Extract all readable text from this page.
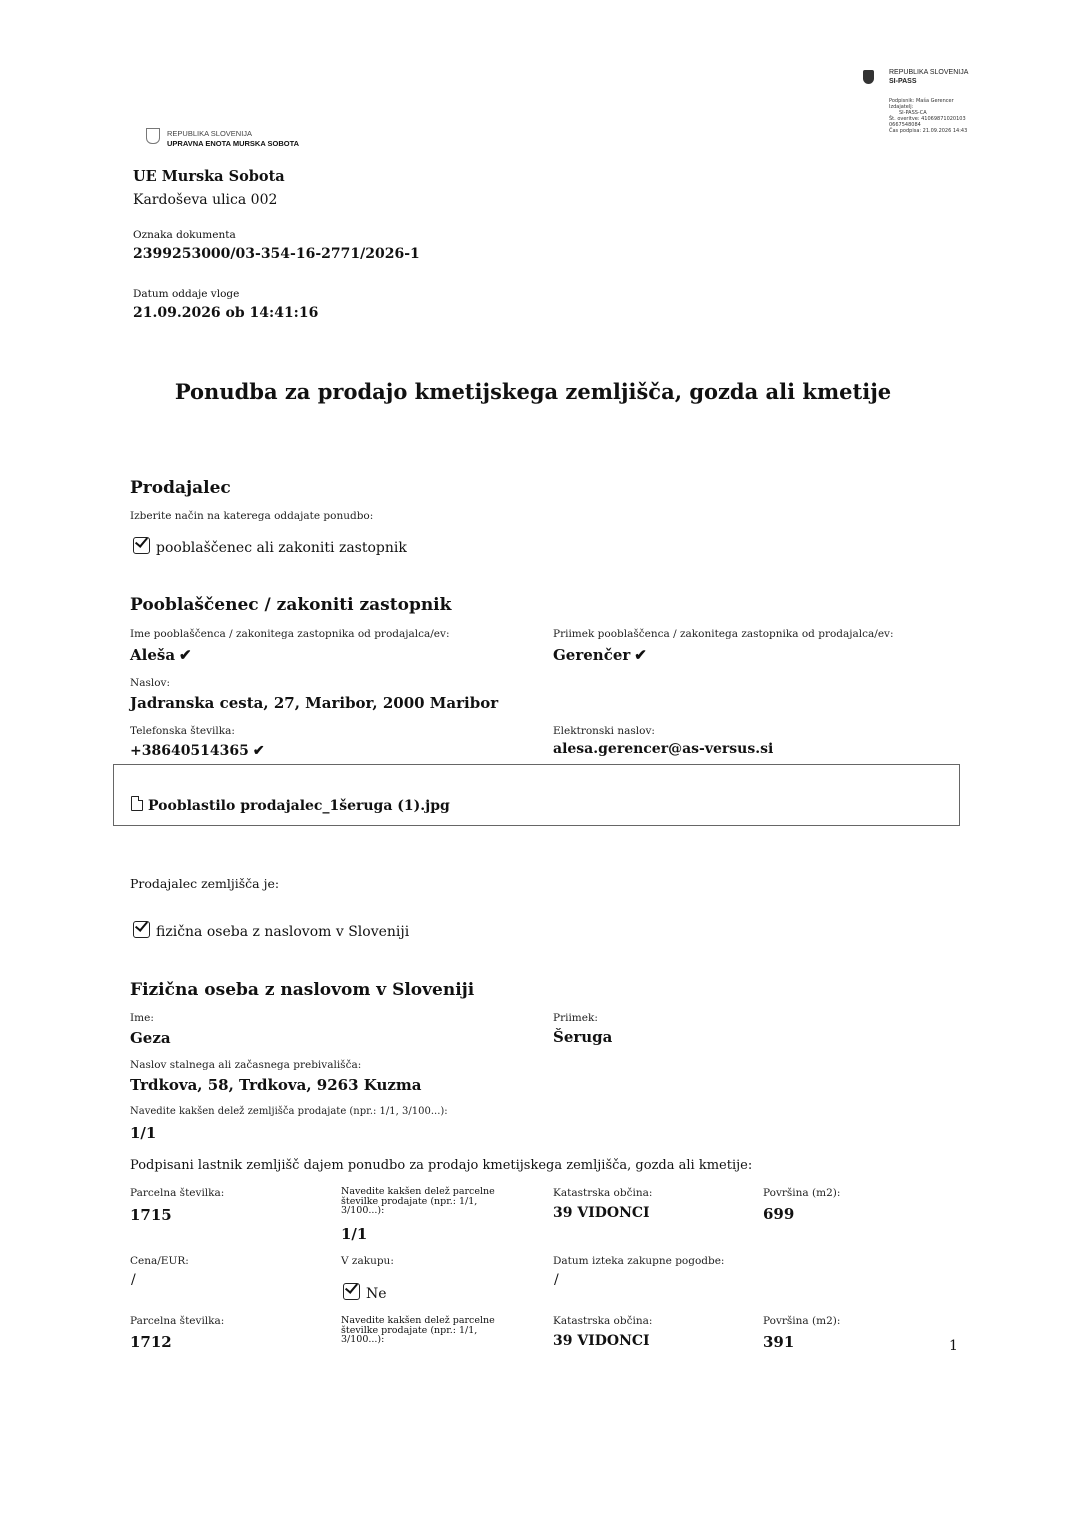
REPUBLIKA SLOVENIJA
SI-PASS
Podpisnik: Maša Gerencer
Izdajatelj:
SI-PASS-CA
Št. overitve: 41069871020103 0667548084
Čas podpisa: 21.09.2026 14:43
REPUBLIKA SLOVENIJA
UPRAVNA ENOTA MURSKA SOBOTA
UE Murska Sobota
Kardoševa ulica 002
Oznaka dokumenta
2399253000/03-354-16-2771/2026-1
Datum oddaje vloge
21.09.2026 ob 14:41:16
Ponudba za prodajo kmetijskega zemljišča, gozda ali kmetije
Prodajalec
Izberite način na katerega oddajate ponudbo:
pooblaščenec ali zakoniti zastopnik
Pooblaščenec / zakoniti zastopnik
Ime pooblaščenca / zakonitega zastopnika od prodajalca/ev:
Aleša ✔
Priimek pooblaščenca / zakonitega zastopnika od prodajalca/ev:
Gerenčer ✔
Naslov:
Jadranska cesta, 27, Maribor, 2000 Maribor
Telefonska številka:
+38640514365 ✔
Elektronski naslov:
alesa.gerencer@as-versus.si
Pooblastilo prodajalec_1šeruga (1).jpg
Prodajalec zemljišča je:
fizična oseba z naslovom v Sloveniji
Fizična oseba z naslovom v Sloveniji
Ime:
Geza
Priimek:
Šeruga
Naslov stalnega ali začasnega prebivališča:
Trdkova, 58, Trdkova, 9263 Kuzma
Navedite kakšen delež zemljišča prodajate (npr.: 1/1, 3/100...):
1/1
Podpisani lastnik zemljišč dajem ponudbo za prodajo kmetijskega zemljišča, gozda ali kmetije:
Parcelna številka:
1715
Navedite kakšen delež parcelne številke prodajate (npr.: 1/1, 3/100...):
1/1
Katastrska občina:
39 VIDONCI
Površina (m2):
699
Cena/EUR:
/
V zakupu:
Ne
Datum izteka zakupne pogodbe:
/
Parcelna številka:
1712
Navedite kakšen delež parcelne številke prodajate (npr.: 1/1, 3/100...):
Katastrska občina:
39 VIDONCI
Površina (m2):
391	1
